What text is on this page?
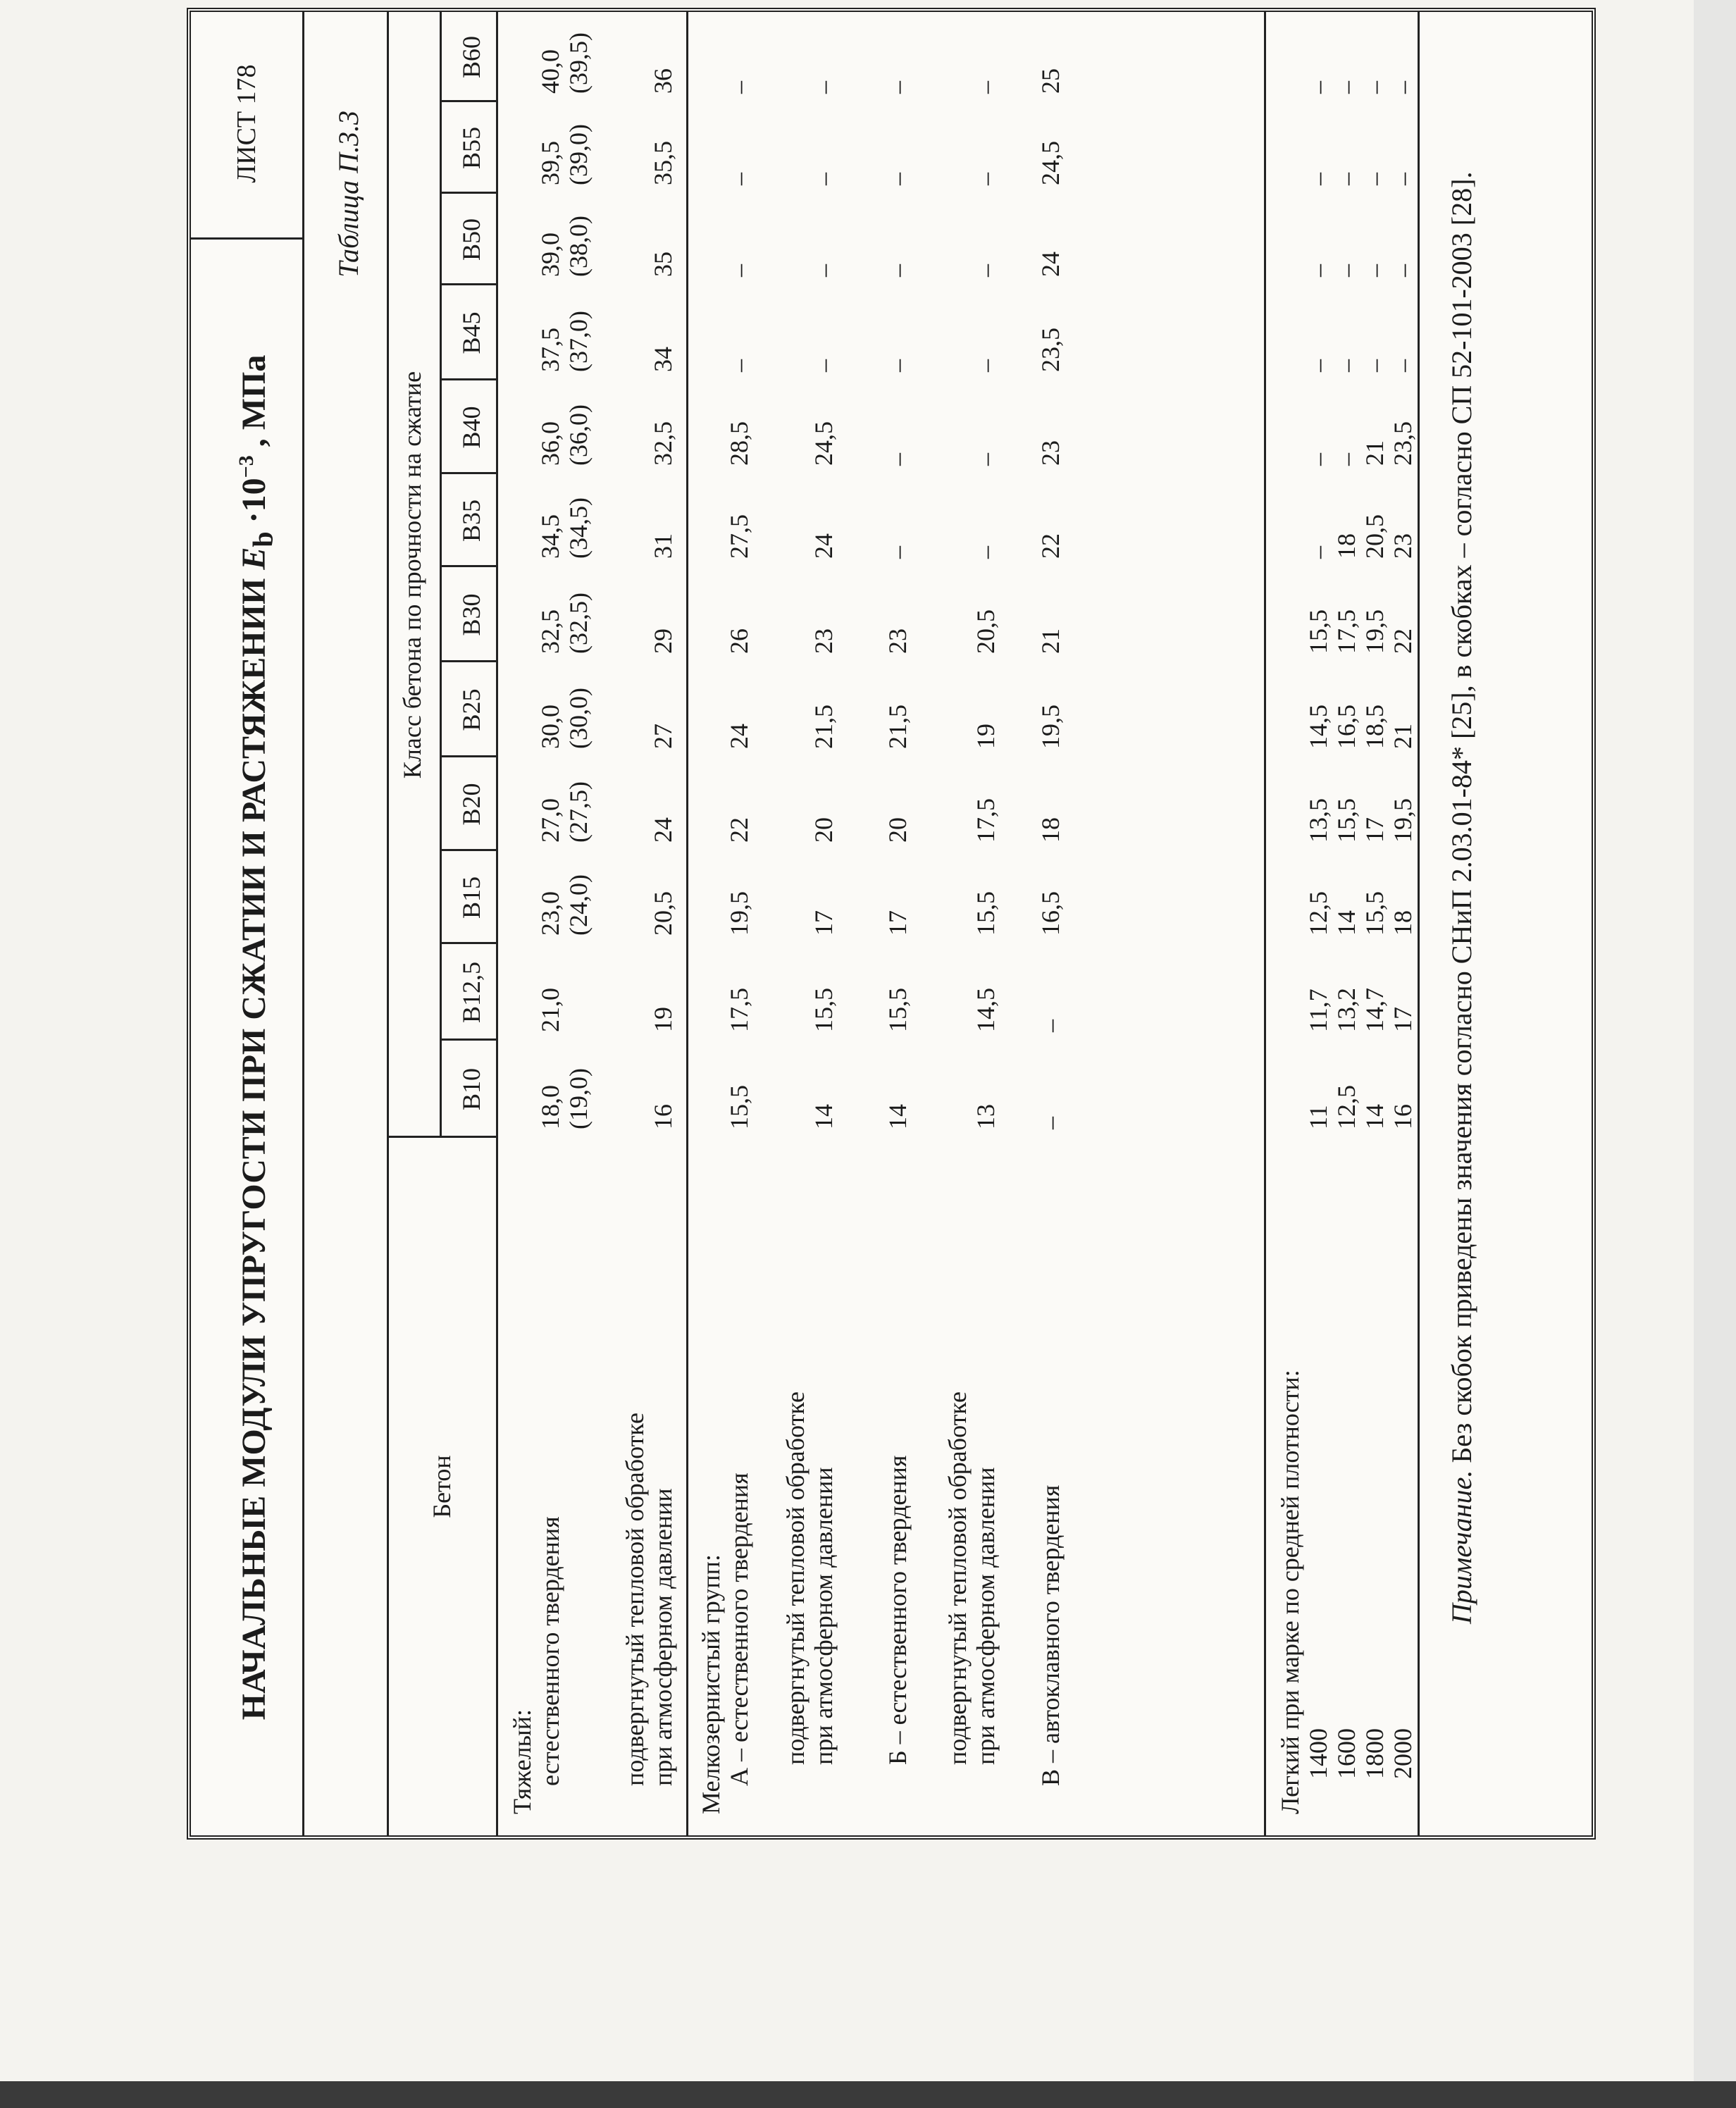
НАЧАЛЬНЫЕ МОДУЛИ УПРУГОСТИ ПРИ СЖАТИИ И РАСТЯЖЕНИИ $E_b \cdot 10^{-3}$ , МПа
ЛИСТ 178	Таблица П.3.3
Бетон
Класс бетона по прочности на сжатие
Тяжелый: естественного твердения подвергнутый тепловой обработке при атмосферном давлении Мелкозернистый групп: А – естественного твердения подвергнутый тепловой обработке при атмосферном давлении Б – естественного твердения подвергнутый тепловой обработке при атмосферном давлении В – автоклавного твердения	Легкий при марке по средней плотности: 1400 1600 1800 2000
B10
B12,5
B15
B20
B25
B30
B35
B40
B45
B50
B55
B60
18,0
21,0
23,0
27,0
30,0
32,5
34,5
36,0
37,5
39,0
39,5
40,0
(19,0)
(24,0)
(27,5)
(30,0)
(32,5)
(34,5)
(36,0)
(37,0)
(38,0)
(39,0)
(39,5)
16
19
20,5
24
27
29
31
32,5
34
35
35,5
36
15,5
17,5
19,5
22
24
26
27,5
28,5
–
–
–
–
14
15,5
17
20
21,5
23
24
24,5
–
–
–
–
14
15,5
17
20
21,5
23
–
–
–
–
–
–
13
14,5
15,5
17,5
19
20,5
–
–
–
–
–
–
–
–
16,5
18
19,5
21
22
23
23,5
24
24,5
25
11
11,7
12,5
13,5
14,5
15,5
–
–
–
–
–
–
12,5
13,2
14
15,5
16,5
17,5
18
–
–
–
–
–
14
14,7
15,5
17
18,5
19,5
20,5
21
–
–
–
–
16
17
18
19,5
21
22
23
23,5
–
–
–
–
Примечание. Без скобок приведены значения согласно СНиП 2.03.01-84* [25], в скобках – согласно СП 52-101-2003 [28].
